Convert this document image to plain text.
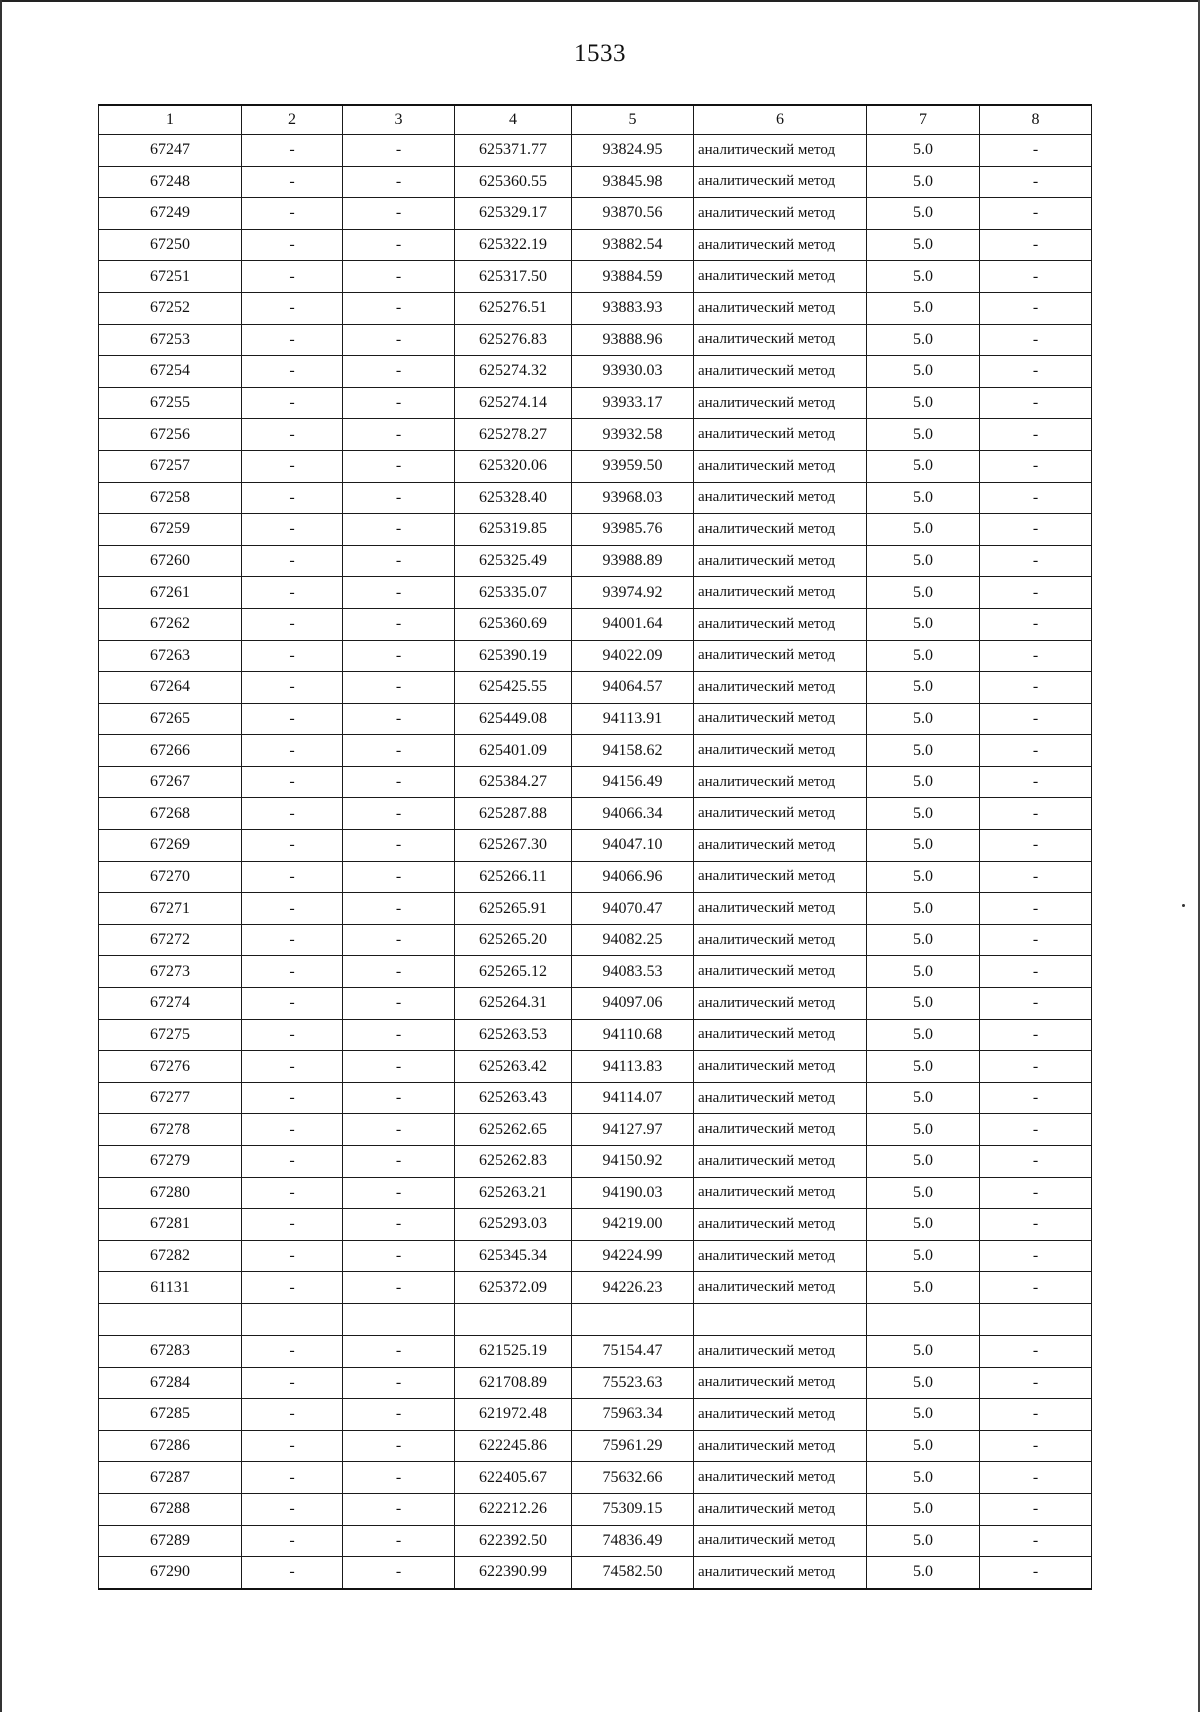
1533
1	2	3	4	5	6	7	8
67247	-	-	625371.77	93824.95	аналитический метод	5.0	-
67248	-	-	625360.55	93845.98	аналитический метод	5.0	-
67249	-	-	625329.17	93870.56	аналитический метод	5.0	-
67250	-	-	625322.19	93882.54	аналитический метод	5.0	-
67251	-	-	625317.50	93884.59	аналитический метод	5.0	-
67252	-	-	625276.51	93883.93	аналитический метод	5.0	-
67253	-	-	625276.83	93888.96	аналитический метод	5.0	-
67254	-	-	625274.32	93930.03	аналитический метод	5.0	-
67255	-	-	625274.14	93933.17	аналитический метод	5.0	-
67256	-	-	625278.27	93932.58	аналитический метод	5.0	-
67257	-	-	625320.06	93959.50	аналитический метод	5.0	-
67258	-	-	625328.40	93968.03	аналитический метод	5.0	-
67259	-	-	625319.85	93985.76	аналитический метод	5.0	-
67260	-	-	625325.49	93988.89	аналитический метод	5.0	-
67261	-	-	625335.07	93974.92	аналитический метод	5.0	-
67262	-	-	625360.69	94001.64	аналитический метод	5.0	-
67263	-	-	625390.19	94022.09	аналитический метод	5.0	-
67264	-	-	625425.55	94064.57	аналитический метод	5.0	-
67265	-	-	625449.08	94113.91	аналитический метод	5.0	-
67266	-	-	625401.09	94158.62	аналитический метод	5.0	-
67267	-	-	625384.27	94156.49	аналитический метод	5.0	-
67268	-	-	625287.88	94066.34	аналитический метод	5.0	-
67269	-	-	625267.30	94047.10	аналитический метод	5.0	-
67270	-	-	625266.11	94066.96	аналитический метод	5.0	-
67271	-	-	625265.91	94070.47	аналитический метод	5.0	-
67272	-	-	625265.20	94082.25	аналитический метод	5.0	-
67273	-	-	625265.12	94083.53	аналитический метод	5.0	-
67274	-	-	625264.31	94097.06	аналитический метод	5.0	-
67275	-	-	625263.53	94110.68	аналитический метод	5.0	-
67276	-	-	625263.42	94113.83	аналитический метод	5.0	-
67277	-	-	625263.43	94114.07	аналитический метод	5.0	-
67278	-	-	625262.65	94127.97	аналитический метод	5.0	-
67279	-	-	625262.83	94150.92	аналитический метод	5.0	-
67280	-	-	625263.21	94190.03	аналитический метод	5.0	-
67281	-	-	625293.03	94219.00	аналитический метод	5.0	-
67282	-	-	625345.34	94224.99	аналитический метод	5.0	-
61131	-	-	625372.09	94226.23	аналитический метод	5.0	-

67283	-	-	621525.19	75154.47	аналитический метод	5.0	-
67284	-	-	621708.89	75523.63	аналитический метод	5.0	-
67285	-	-	621972.48	75963.34	аналитический метод	5.0	-
67286	-	-	622245.86	75961.29	аналитический метод	5.0	-
67287	-	-	622405.67	75632.66	аналитический метод	5.0	-
67288	-	-	622212.26	75309.15	аналитический метод	5.0	-
67289	-	-	622392.50	74836.49	аналитический метод	5.0	-
67290	-	-	622390.99	74582.50	аналитический метод	5.0	-
